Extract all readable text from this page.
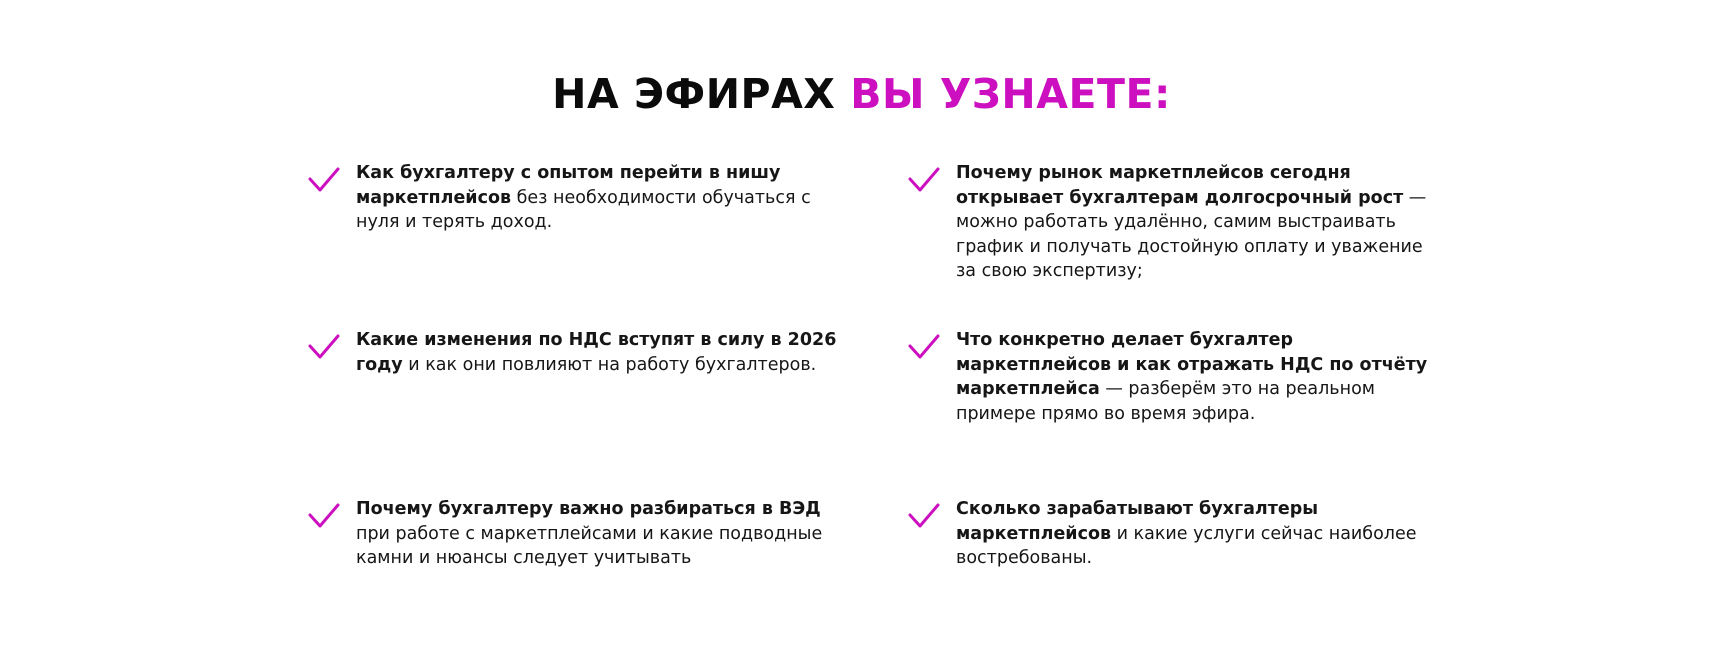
НА ЭФИРАХ ВЫ УЗНАЕТЕ:
Как бухгалтеру с опытом перейти в нишу маркетплейсов без необходимости обучаться с нуля и терять доход.
Почему рынок маркетплейсов сегодня открывает бухгалтерам долгосрочный рост — можно работать удалённо, самим выстраивать график и получать достойную оплату и уважение за свою экспертизу;
Какие изменения по НДС вступят в силу в 2026 году и как они повлияют на работу бухгалтеров.
Что конкретно делает бухгалтер маркетплейсов и как отражать НДС по отчёту маркетплейса — разберём это на реальном примере прямо во время эфира.
Почему бухгалтеру важно разбираться в ВЭД при работе с маркетплейсами и какие подводные камни и нюансы следует учитывать
Сколько зарабатывают бухгалтеры маркетплейсов и какие услуги сейчас наиболее востребованы.
